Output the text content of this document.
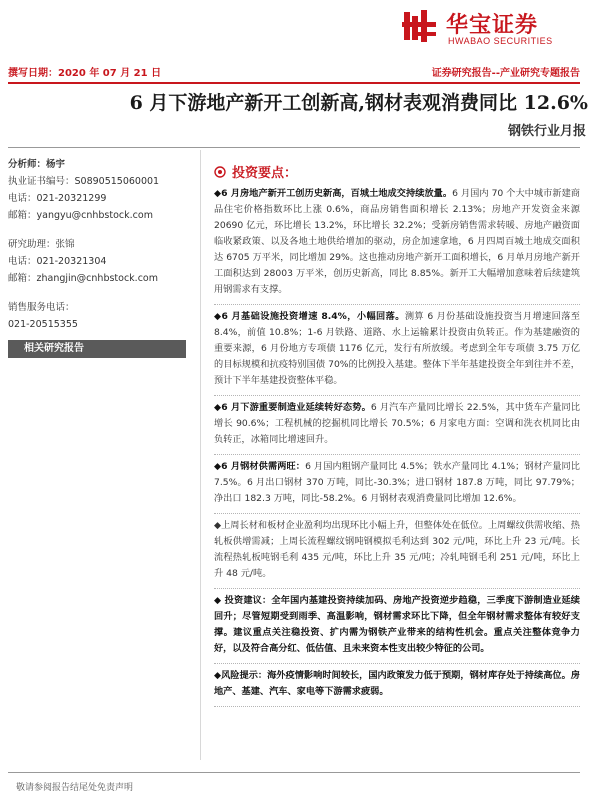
华宝证券
HWABAO SECURITIES
撰写日期：2020 年 07 月 21 日	证券研究报告--产业研究专题报告
6 月下游地产新开工创新高,钢材表观消费同比 12.6%
钢铁行业月报
分析师：杨宇
执业证书编号：S0890515060001
电话：021-20321299
邮箱：yangyu@cnhbstock.com
研究助理：张锦
电话：021-20321304
邮箱：zhangjin@cnhbstock.com
销售服务电话：
021-20515355
相关研究报告
投资要点：
◆6 月房地产新开工创历史新高，百城土地成交持续放量。6 月国内 70 个大中城市新建商品住宅价格指数环比上涨 0.6%，商品房销售面积增长 2.13%；房地产开发资金来源 20690 亿元，环比增长 13.2%，环比增长 32.2%；受新房销售需求转暖、房地产融资面临收紧政策、以及各地土地供给增加的驱动，房企加速拿地，6 月四周百城土地成交面积达 6705 万平米，同比增加 29%。这也推动房地产新开工面积增长，6 月单月房地产新开工面积达到 28003 万平米，创历史新高，同比 8.85%。新开工大幅增加意味着后续建筑用钢需求有支撑。
◆6 月基础设施投资增速 8.4%，小幅回落。测算 6 月份基础设施投资当月增速回落至 8.4%，前值 10.8%；1-6 月铁路、道路、水上运输累计投资由负转正。作为基建融资的重要来源，6 月份地方专项债 1176 亿元，发行有所放缓。考虑到全年专项债 3.75 万亿的目标规模和抗疫特别国债 70%的比例投入基建。整体下半年基建投资全年到往并不差，预计下半年基建投资整体平稳。
◆6 月下游重要制造业延续转好态势。6 月汽车产量同比增长 22.5%，其中货车产量同比增长 90.6%；工程机械的挖掘机同比增长 70.5%；6 月家电方面：空调和洗衣机同比由负转正，冰箱同比增速回升。
◆6 月钢材供需两旺：6 月国内粗钢产量同比 4.5%；铁水产量同比 4.1%；钢材产量同比 7.5%。6 月出口钢材 370 万吨，同比-30.3%；进口钢材 187.8 万吨，同比 97.79%；净出口 182.3 万吨，同比-58.2%。6 月钢材表观消费量同比增加 12.6%。
◆上周长材和板材企业盈利均出现环比小幅上升，但整体处在低位。上周螺纹供需收缩、热轧板供增需减；上周长流程螺纹钢吨钢模拟毛利达到 302 元/吨，环比上升 23 元/吨。长流程热轧板吨钢毛利 435 元/吨，环比上升 35 元/吨；冷轧吨钢毛利 251 元/吨，环比上升 48 元/吨。
◆ 投资建议：全年国内基建投资持续加码、房地产投资逆步趋稳，三季度下游制造业延续回升；尽管短期受到雨季、高温影响，钢材需求环比下降，但全年钢材需求整体有较好支撑。建议重点关注稳投资、扩内需为钢铁产业带来的结构性机会。重点关注整体竞争力好，以及符合高分红、低估值、且未来资本性支出较少特征的公司。
◆风险提示：海外疫情影响时间较长，国内政策发力低于预期，钢材库存处于持续高位。房地产、基建、汽车、家电等下游需求疲弱。
敬请参阅报告结尾处免责声明
